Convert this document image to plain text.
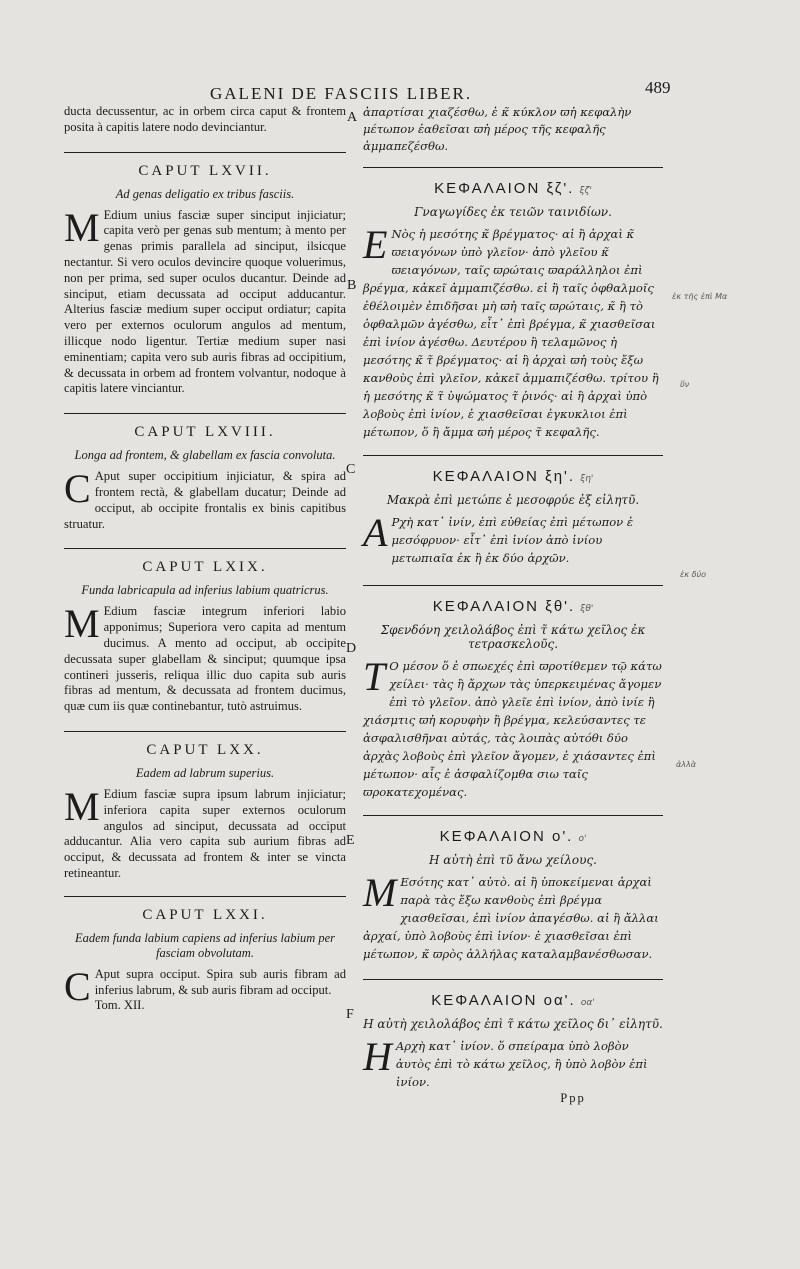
GALENI DE FASCIIS LIBER.	489
A
B
C
D
E
F

ducta decussentur, ac in orbem circa caput & frontem posita à capitis latere nodo devinciantur.

CAPUT LXVII.
Ad genas deligatio ex tribus fasciis.

M Edium unius fasciæ super sinciput injiciatur; capita verò per genas sub mentum; à mento per genas primis parallela ad sinciput, ilsicque nectantur. Si vero oculos devincire quoque voluerimus, non per prima, sed super oculos ducantur. Deinde ad sinciput, etiam decussata ad occiput adducantur. Alterius fasciæ medium super occiput ordiatur; capita vero per externos oculorum angulos ad mentum, illicque nodo ligentur. Tertiæ medium super nasi eminentiam; capita vero sub auris fibras ad occipitium, & decussata in orbem ad frontem volvantur, nodoque à capitis latere vinciantur.

CAPUT LXVIII.
Longa ad frontem, & glabellam ex fascia convoluta.

C Aput super occipitium injiciatur, & spira ad frontem rectà, & glabellam ducatur; Deinde ad occiput, ab occipite frontalis ex binis capitibus struatur.

CAPUT LXIX.
Funda labricapula ad inferius labium quatricrus.

M Edium fasciæ integrum inferiori labio apponimus; Superiora vero capita ad mentum ducimus. A mento ad occiput, ab occipite decussata super glabellam & sinciput; quumque ipsa contineri jusseris, reliqua illic duo capita sub auris fibras ad mentum, & decussata ad frontem ducimus, quæ cum iis quæ continebantur, tutò astruimus.

CAPUT LXX.
Eadem ad labrum superius.

M Edium fasciæ supra ipsum labrum injiciatur; inferiora capita super externos oculorum angulos ad sinciput, decussata ad occiput adducantur. Alia vero capita sub aurium fibras ad occiput, & decussata ad frontem & inter se vincta retineantur.

CAPUT LXXI.
Eadem funda labium capiens ad inferius labium per fasciam obvolutam.

C Aput supra occiput. Spira sub auris fibram ad inferius labrum, & sub auris fibram ad occiput.

Tom. XII.

ἀπαρτίσαι χιαζέσθω, ἐ κ̃ κύκλον ϖἠ κεφαλὴν μέτωπον ἐαθεῖσαι ϖἠ μέρος τῆς κεφαλῆς ἀμμαπεζέσθω.

ΚΕΦΑΛΑΙΟΝ ξζ'. ξζ'
Γναγωγίδες ἐκ τειῶν ταινιδίων.

Ε Νὸς ἡ μεσότης κ̃ βρέγματος· αἱ ἢ ἀρχαὶ κ̃ ϖειαγόνων ὑπὸ γλεῖον· ἀπὸ γλεῖου κ̃ ϖειαγόνων, ταῖς ϖρώταις ϖαράλληλοι ἐπὶ βρέγμα, κἀκεῖ ἀμμαπιζέσθω. εἰ ἢ ταῖς ὀφθαλμοῖς ἐθέλοιμὲν ἐπιδῆσαι μὴ ϖἠ ταῖς ϖρώταις, κ̃ ἢ τὸ ὀφθαλμῶν ἀγέσθω, εἶτ᾽ ἐπὶ βρέγμα, κ̃ χιασθεῖσαι ἐπὶ ἰνίον ἀγέσθω. Δευτέρου ἢ τελαμῶνος ἡ μεσότης κ̃ τ̃ βρέγματος· αἱ ἢ ἀρχαὶ ϖἠ τοὺς ἔξω κανθοὺς ἐπὶ γλεῖον, κἀκεῖ ἀμμαπιζέσθω. τρίτου ἢ ἡ μεσότης κ̃ τ̃ ὑψώματος τ̃ ῥινός· αἱ ἢ ἀρχαὶ ὑπὸ λοβοὺς ἐπὶ ἰνίον, ἐ χιασθεῖσαι ἐγκυκλιοι ἐπὶ μέτωπον, ὅ ἢ ἄμμα ϖἠ μέρος τ̃ κεφαλῆς.

ΚΕΦΑΛΑΙΟΝ ξη'. ξη'
Μακρὰ ἐπὶ μετώπε ἐ μεσοφρύε ἐξ εἰλητῦ.

Α Ρχὴ κατ᾽ ἰνίν, ἐπὶ εὐθείας ἐπὶ μέτωπον ἐ μεσόφρυον· εἶτ᾽ ἐπὶ ἰνίον ἀπὸ ἰνίου μετωπιαῖα ἐκ ἢ ἐκ δύο ἀρχῶν.

ΚΕΦΑΛΑΙΟΝ ξθ'. ξθ'
Σφενδόνη χειλολάβος ἐπὶ τ̃ κάτω χεῖλος ἐκ τετρασκελοῦς.

Τ Ο μέσον ὅ ἐ σπωεχές ἐπὶ ϖροτίθεμεν τῷ κάτω χείλει· τὰς ἢ ἄρχων τὰς ὑπερκειμένας ἄγομεν ἐπὶ τὸ γλεῖον. ἀπὸ γλεῖε ἐπὶ ἰνίον, ἀπὸ ἰνίε ἢ χιάσμτις ϖἠ κορυφὴν ἢ βρέγμα, κελεύσαντες τε ἀσφαλισθῆναι αὐτάς, τὰς λοιπὰς αὐτόθι δύο ἀρχὰς λοβοὺς ἐπὶ γλεῖον ἄγομεν, ἐ χιάσαντες ἐπὶ μέτωπον· αἷς ἐ ἀσφαλίζομθα σιω ταῖς ϖροκατεχομένας.

ΚΕΦΑΛΑΙΟΝ ο'. ο'
Η αὐτὴ ἐπὶ τῦ ἄνω χείλους.

Μ Εσότης κατ᾽ αὐτὸ. αἱ ἢ ὑποκείμεναι ἀρχαὶ παρὰ τὰς ἔξω κανθοὺς ἐπὶ βρέγμα χιασθεῖσαι, ἐπὶ ἰνίον ἀπαγέσθω. αἱ ἢ ἄλλαι ἀρχαί, ὑπὸ λοβοὺς ἐπὶ ἰνίον· ἐ χιασθεῖσαι ἐπὶ μέτωπον, κ̃ ϖρὸς ἀλλήλας καταλαμβανέσθωσαν.

ΚΕΦΑΛΑΙΟΝ οα'. οα'
Η αὐτὴ χειλολάβος ἐπὶ τ̃ κάτω χεῖλος δι᾽ εἰλητῦ.

Η Αρχὴ κατ᾽ ἰνίον. ὅ σπείραμα ὑπὸ λοβὸν ἀυτὸς ἐπὶ τὸ κάτω χεῖλος, ἢ ὑπὸ λοβὸν ἐπὶ ἰνίον.

Ppp
ἐκ τῆς ἐπὶ Μα
ὕν
ἐκ δύο
ἀλλὰ
